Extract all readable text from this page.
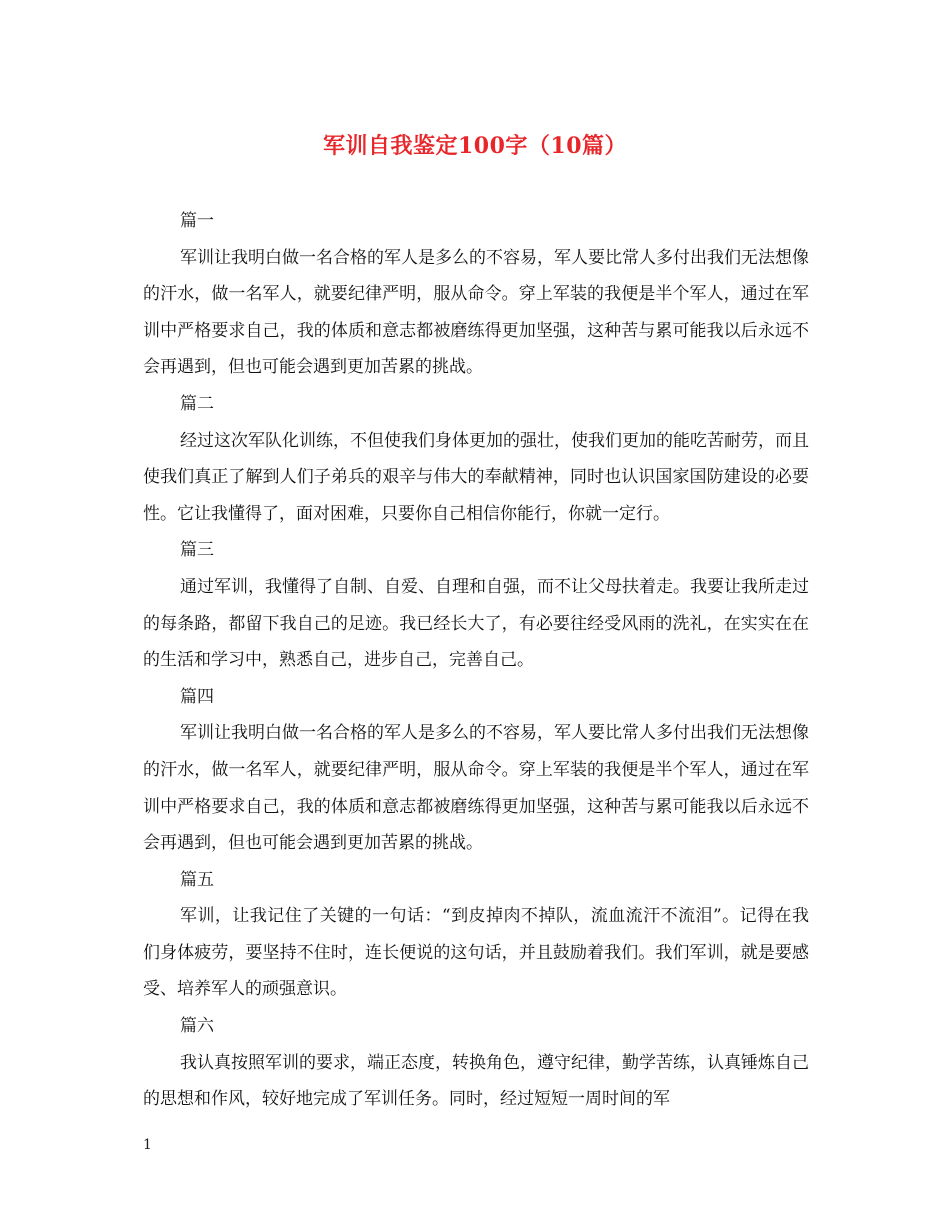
军训自我鉴定100字（10篇）

篇一

军训让我明白做一名合格的军人是多么的不容易，军人要比常人多付出我们无法想像的汗水，做一名军人，就要纪律严明，服从命令。穿上军装的我便是半个军人，通过在军训中严格要求自己，我的体质和意志都被磨练得更加坚强，这种苦与累可能我以后永远不会再遇到，但也可能会遇到更加苦累的挑战。

篇二

经过这次军队化训练，不但使我们身体更加的强壮，使我们更加的能吃苦耐劳，而且使我们真正了解到人们子弟兵的艰辛与伟大的奉献精神，同时也认识国家国防建设的必要性。它让我懂得了，面对困难，只要你自己相信你能行，你就一定行。

篇三

通过军训，我懂得了自制、自爱、自理和自强，而不让父母扶着走。我要让我所走过的每条路，都留下我自己的足迹。我已经长大了，有必要往经受风雨的洗礼，在实实在在的生活和学习中，熟悉自己，进步自己，完善自己。

篇四

军训让我明白做一名合格的军人是多么的不容易，军人要比常人多付出我们无法想像的汗水，做一名军人，就要纪律严明，服从命令。穿上军装的我便是半个军人，通过在军训中严格要求自己，我的体质和意志都被磨练得更加坚强，这种苦与累可能我以后永远不会再遇到，但也可能会遇到更加苦累的挑战。

篇五

军训，让我记住了关键的一句话：“到皮掉肉不掉队，流血流汗不流泪”。记得在我们身体疲劳，要坚持不住时，连长便说的这句话，并且鼓励着我们。我们军训，就是要感受、培养军人的顽强意识。

篇六

我认真按照军训的要求，端正态度，转换角色，遵守纪律，勤学苦练，认真锤炼自己的思想和作风，较好地完成了军训任务。同时，经过短短一周时间的军

1
